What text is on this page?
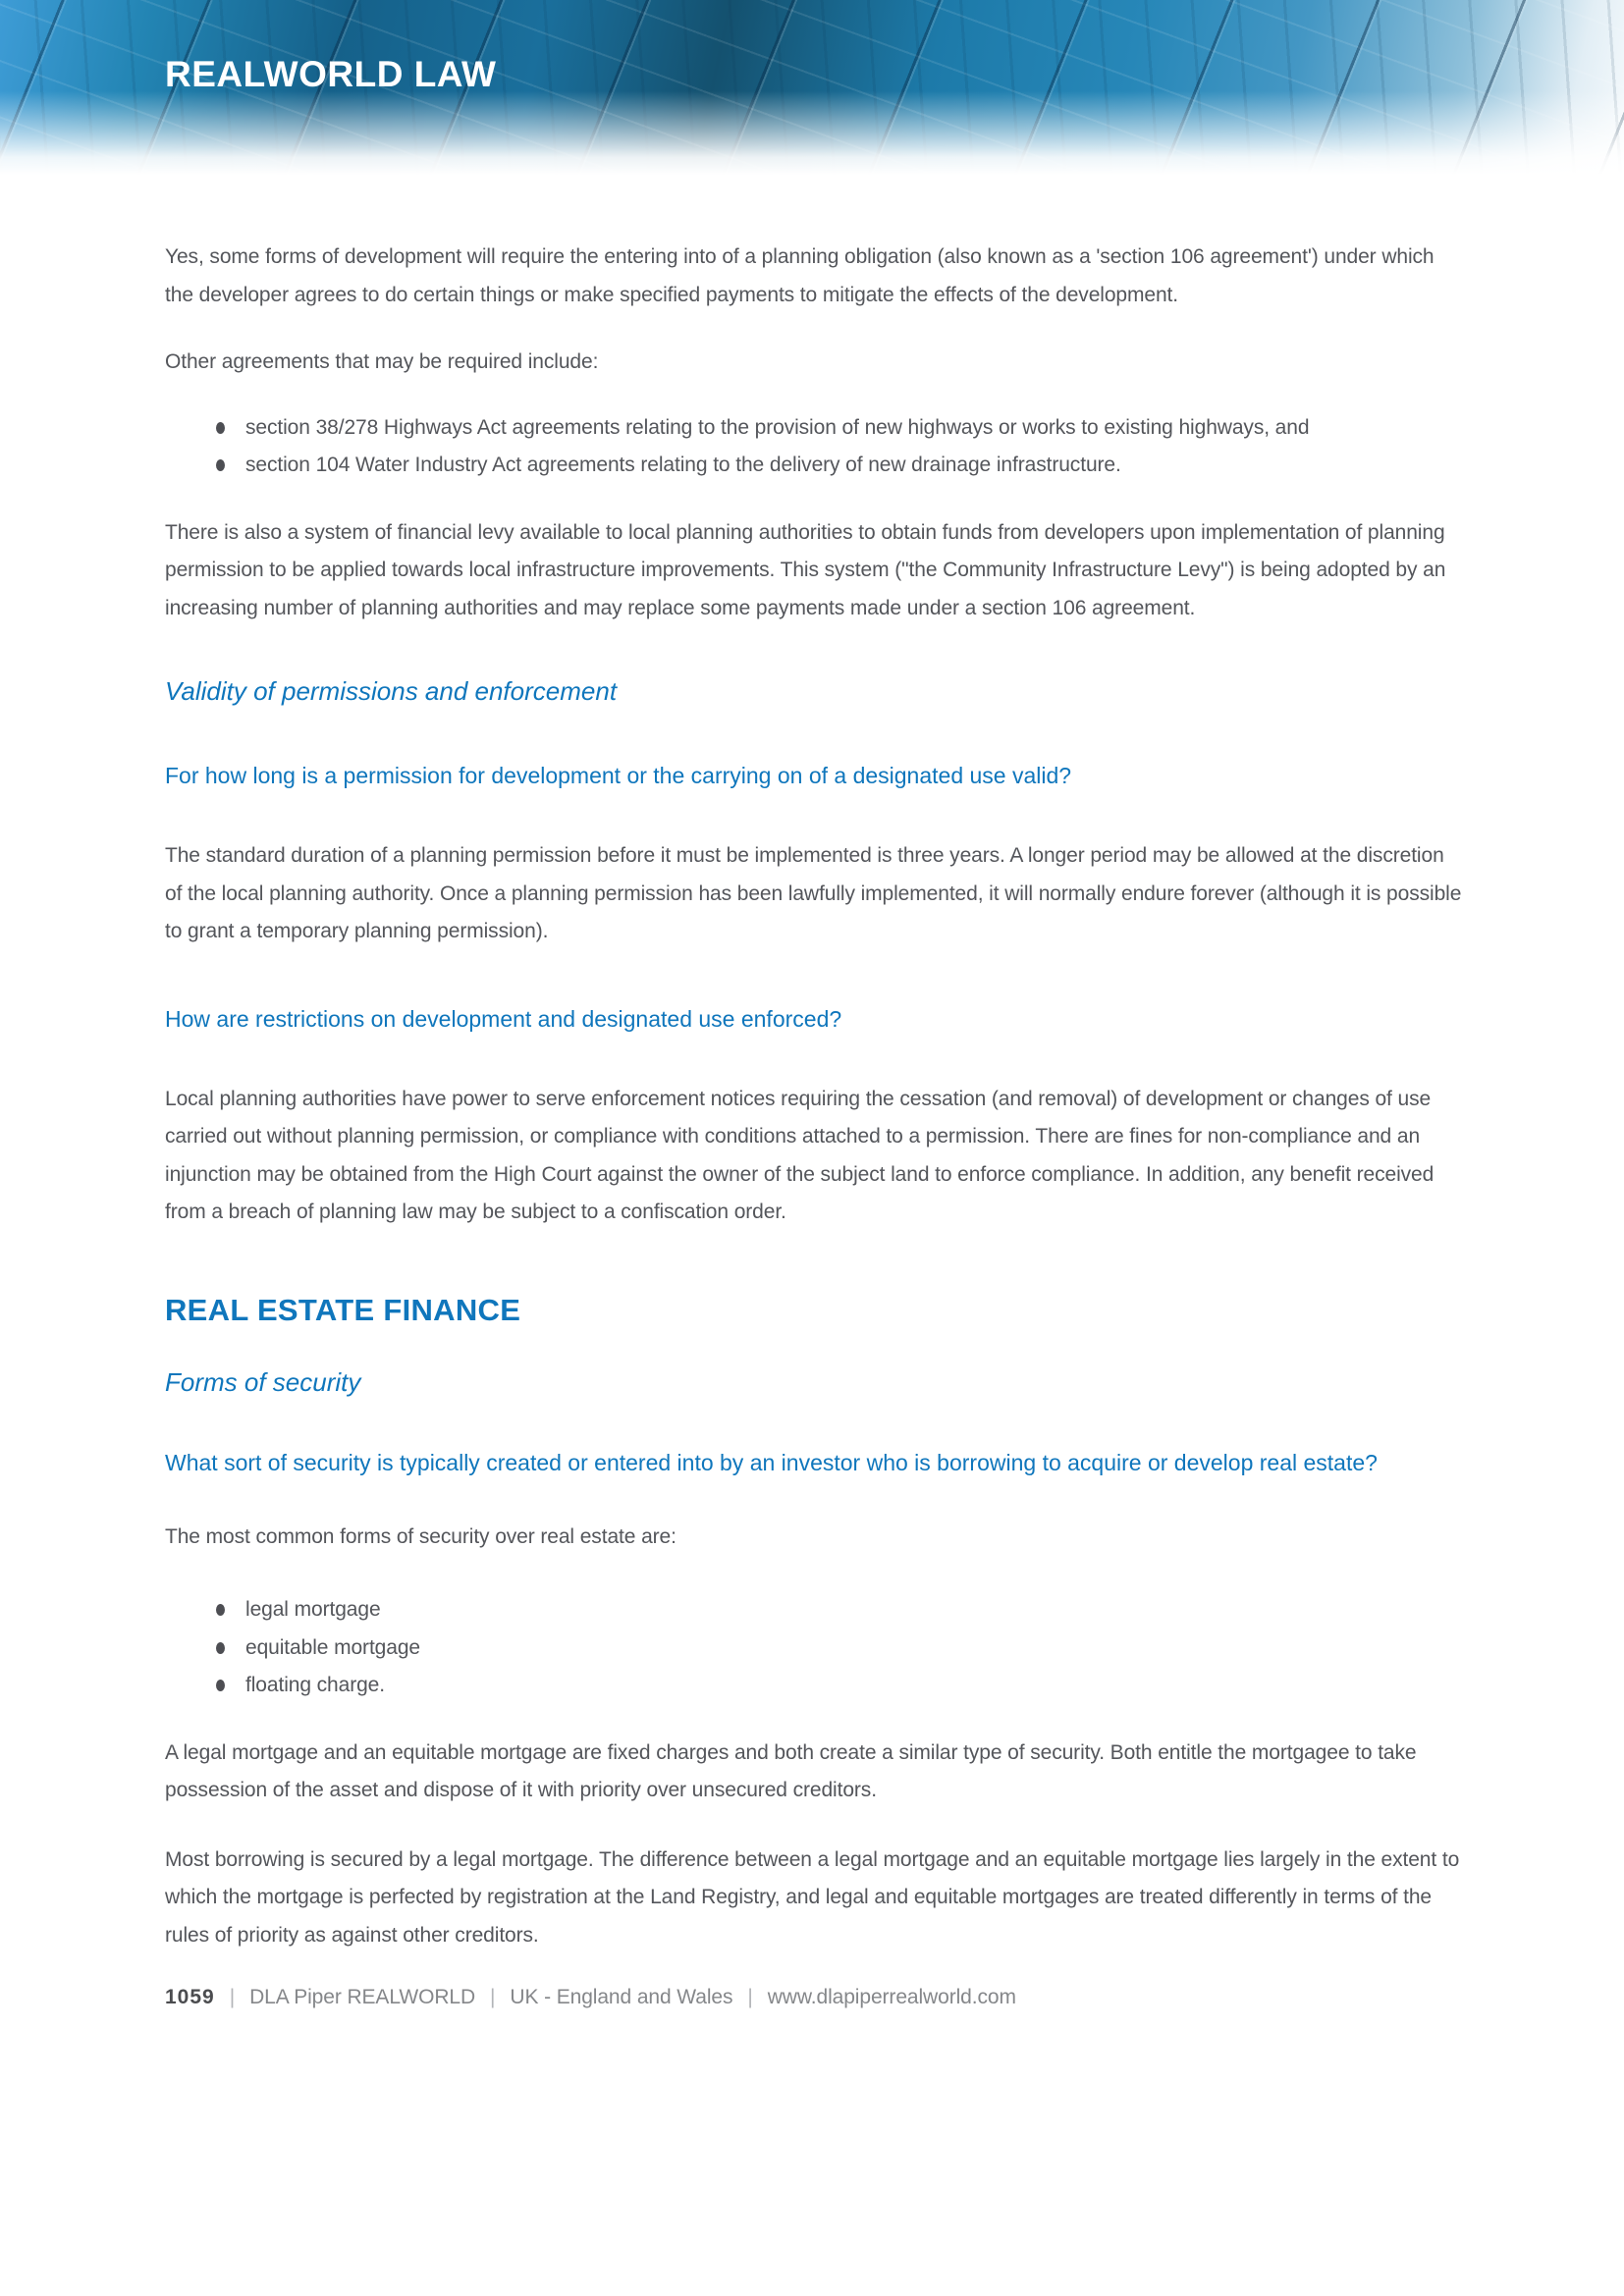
REALWORLD LAW

Yes, some forms of development will require the entering into of a planning obligation (also known as a 'section 106 agreement') under which the developer agrees to do certain things or make specified payments to mitigate the effects of the development.

Other agreements that may be required include:

section 38/278 Highways Act agreements relating to the provision of new highways or works to existing highways, and
section 104 Water Industry Act agreements relating to the delivery of new drainage infrastructure.

There is also a system of financial levy available to local planning authorities to obtain funds from developers upon implementation of planning permission to be applied towards local infrastructure improvements. This system ("the Community Infrastructure Levy") is being adopted by an increasing number of planning authorities and may replace some payments made under a section 106 agreement.

Validity of permissions and enforcement
For how long is a permission for development or the carrying on of a designated use valid?

The standard duration of a planning permission before it must be implemented is three years. A longer period may be allowed at the discretion of the local planning authority. Once a planning permission has been lawfully implemented, it will normally endure forever (although it is possible to grant a temporary planning permission).

How are restrictions on development and designated use enforced?

Local planning authorities have power to serve enforcement notices requiring the cessation (and removal) of development or changes of use carried out without planning permission, or compliance with conditions attached to a permission. There are fines for non-compliance and an injunction may be obtained from the High Court against the owner of the subject land to enforce compliance. In addition, any benefit received from a breach of planning law may be subject to a confiscation order.

REAL ESTATE FINANCE
Forms of security
What sort of security is typically created or entered into by an investor who is borrowing to acquire or develop real estate?

The most common forms of security over real estate are:

legal mortgage
equitable mortgage
floating charge.

A legal mortgage and an equitable mortgage are fixed charges and both create a similar type of security. Both entitle the mortgagee to take possession of the asset and dispose of it with priority over unsecured creditors.

Most borrowing is secured by a legal mortgage. The difference between a legal mortgage and an equitable mortgage lies largely in the extent to which the mortgage is perfected by registration at the Land Registry, and legal and equitable mortgages are treated differently in terms of the rules of priority as against other creditors.

1059 | DLA Piper REALWORLD | UK - England and Wales | www.dlapiperrealworld.com
